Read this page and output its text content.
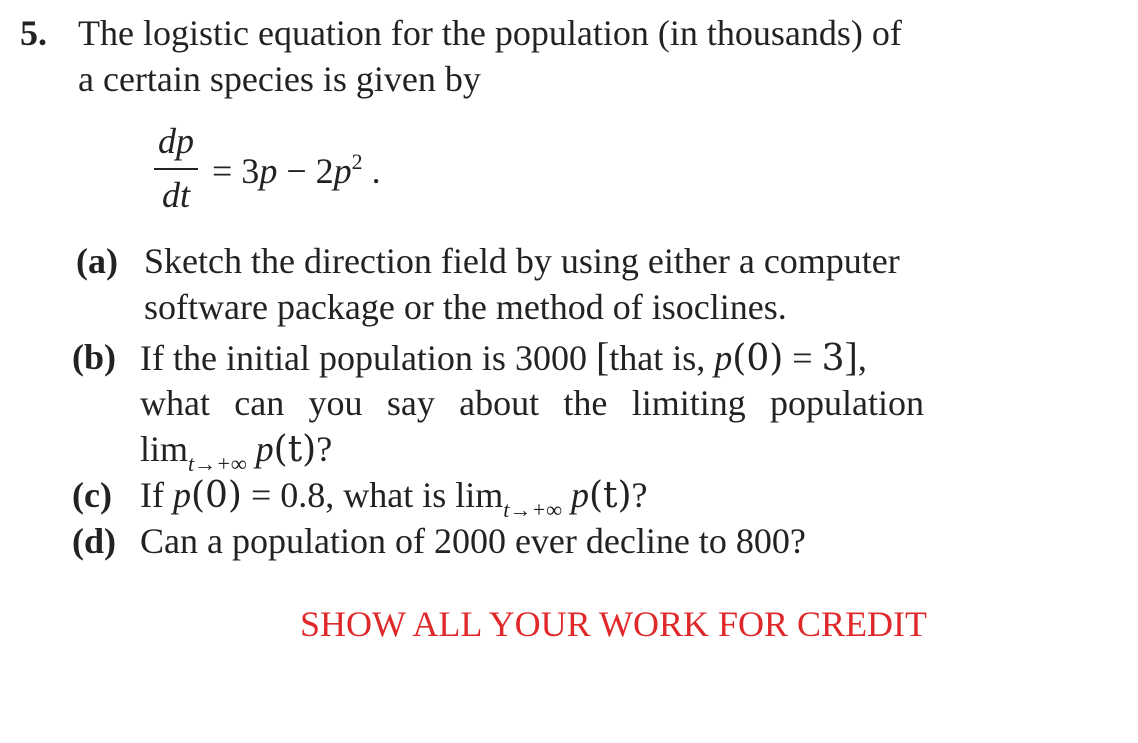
5. The logistic equation for the population (in thousands) of
a certain species is given by
dp
dt
= $3p - 2p^2$ .
(a) Sketch the direction field by using either a computer
software package or the method of isoclines.
(b) If the initial population is 3000 [that is, p(0) = 3],
what can you say about the limiting population
$\lim_{t\to+\infty} p(t)$?
(c) If p(0) = 0.8, what is $\lim_{t\to+\infty} p(t)$?
(d) Can a population of 2000 ever decline to 800?
SHOW ALL YOUR WORK FOR CREDIT
